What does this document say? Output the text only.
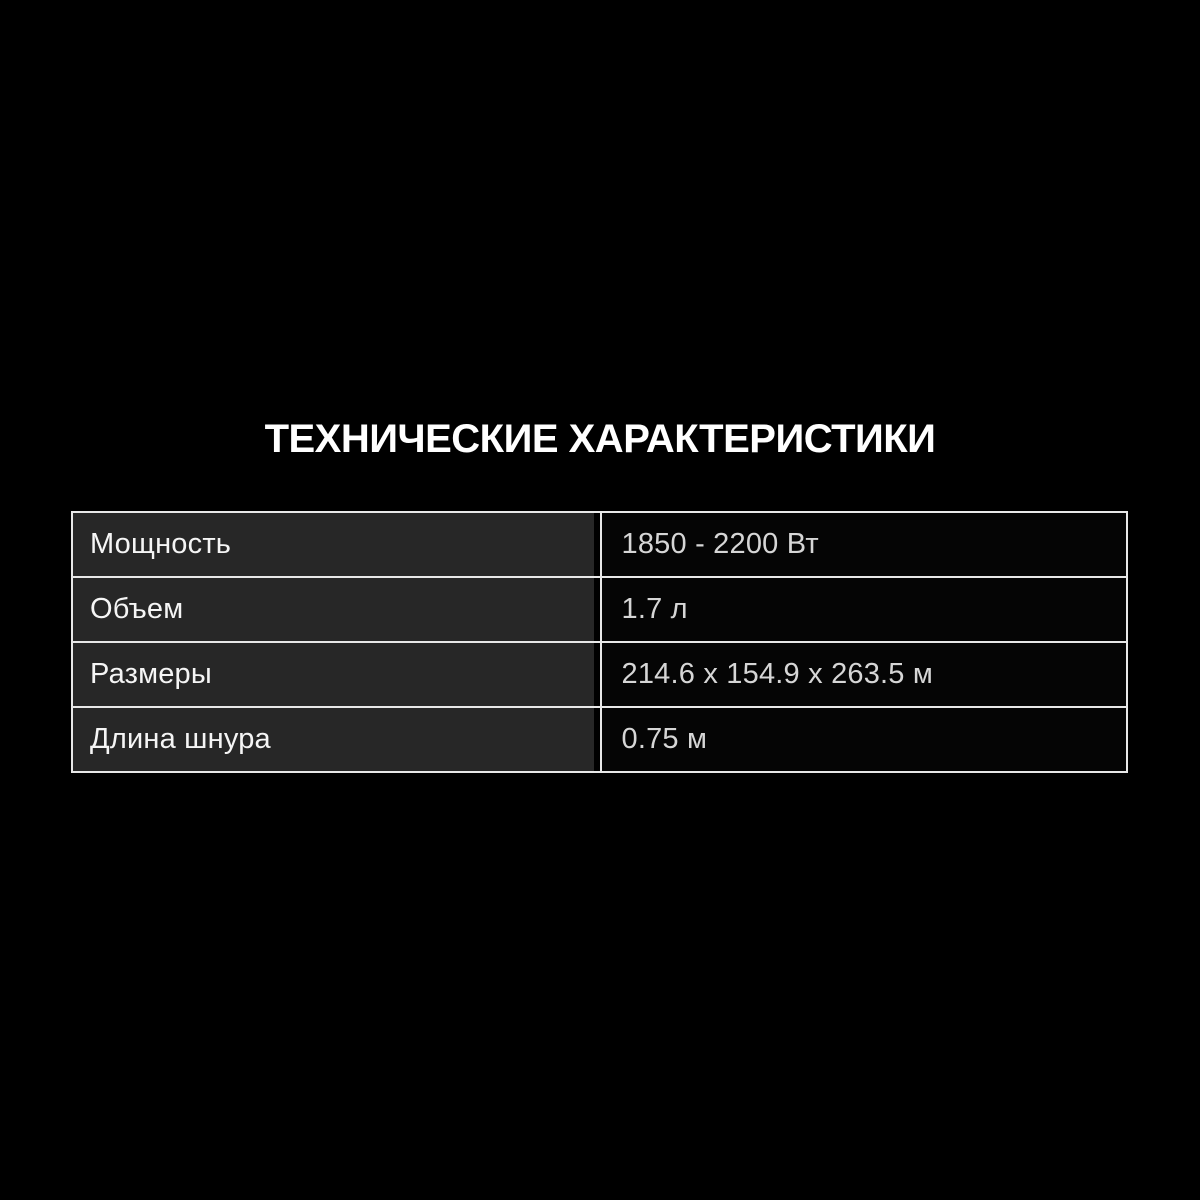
ТЕХНИЧЕСКИЕ ХАРАКТЕРИСТИКИ
Мощность	1850 - 2200 Вт
Объем	1.7 л
Размеры	214.6 x 154.9 x 263.5 м
Длина шнура	0.75 м
